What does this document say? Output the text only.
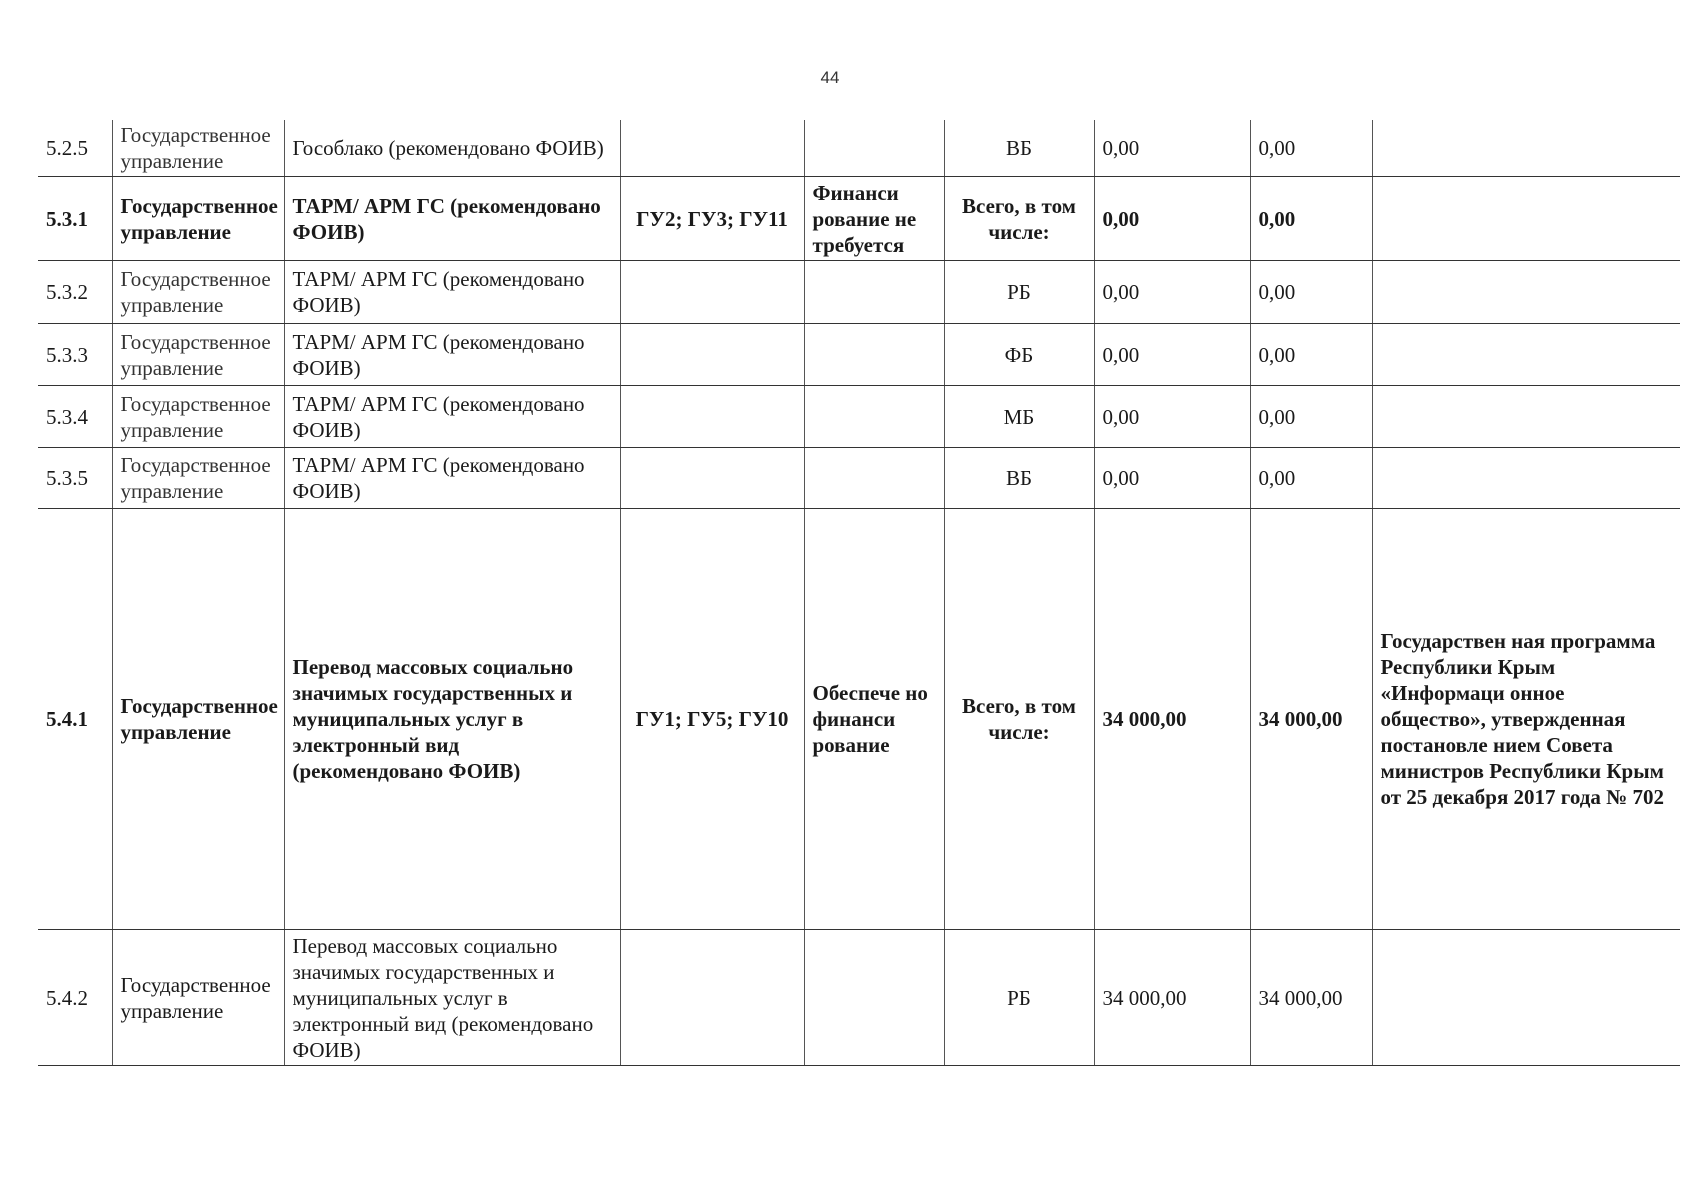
44
5.2.5	Государственное управление	Гособлако (рекомендовано ФОИВ)			ВБ	0,00	0,00	
5.3.1	Государственное управление	ТАРМ/ АРМ ГС (рекомендовано ФОИВ)	ГУ2; ГУ3; ГУ11	Финанси рование не требуется	Всего, в том числе:	0,00	0,00	
5.3.2	Государственное управление	ТАРМ/ АРМ ГС (рекомендовано ФОИВ)			РБ	0,00	0,00	
5.3.3	Государственное управление	ТАРМ/ АРМ ГС (рекомендовано ФОИВ)			ФБ	0,00	0,00	
5.3.4	Государственное управление	ТАРМ/ АРМ ГС (рекомендовано ФОИВ)			МБ	0,00	0,00	
5.3.5	Государственное управление	ТАРМ/ АРМ ГС (рекомендовано ФОИВ)			ВБ	0,00	0,00	
5.4.1	Государственное управление	Перевод массовых социально значимых государственных и муниципальных услуг в электронный вид (рекомендовано ФОИВ)	ГУ1; ГУ5; ГУ10	Обеспече но финанси рование	Всего, в том числе:	34 000,00	34 000,00	Государствен ная программа Республики Крым «Информаци онное общество», утвержденная постановле нием Совета министров Республики Крым от 25 декабря 2017 года № 702
5.4.2	Государственное управление	Перевод массовых социально значимых государственных и муниципальных услуг в электронный вид (рекомендовано ФОИВ)			РБ	34 000,00	34 000,00	
